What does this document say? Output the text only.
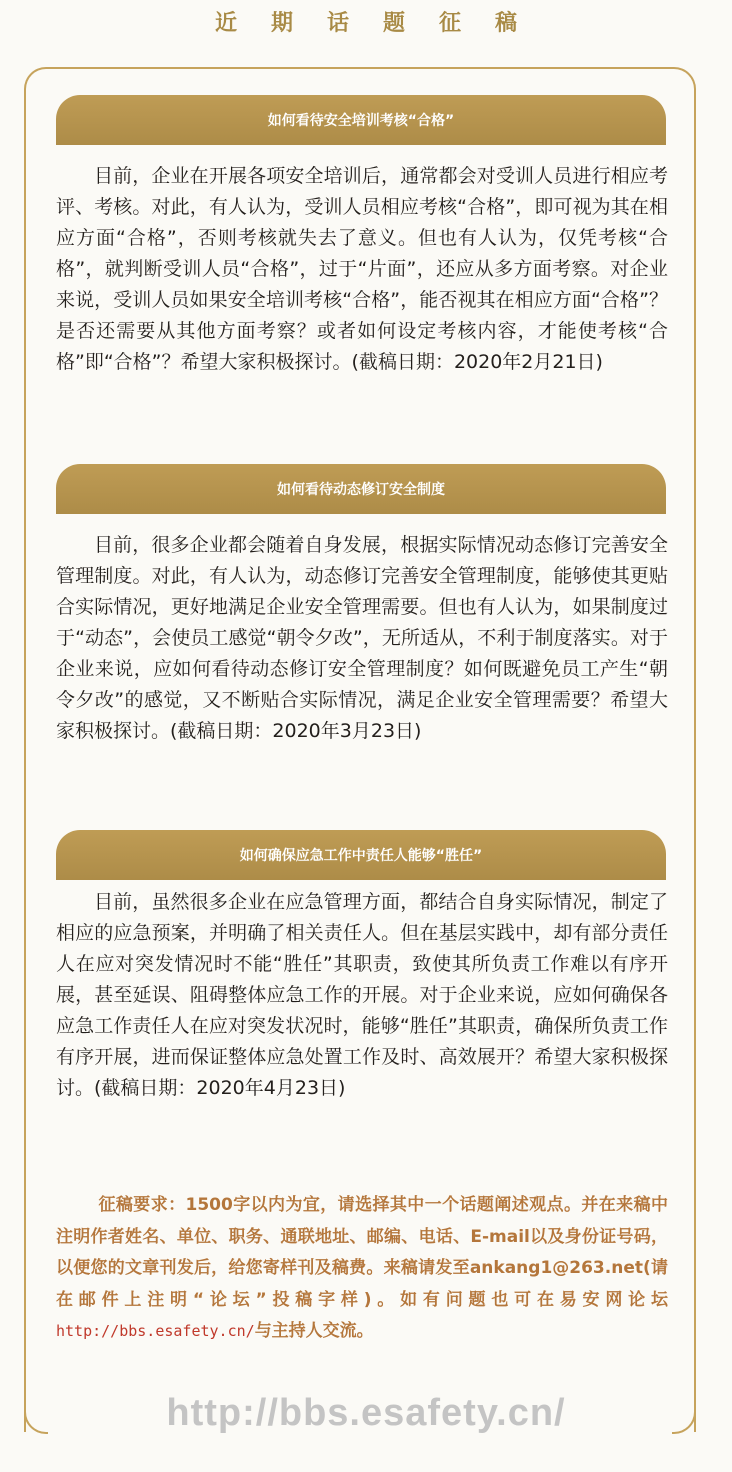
近期话题征稿
如何看待安全培训考核“合格”

目前，企业在开展各项安全培训后，通常都会对受训人员进行相应考评、考核。对此，有人认为，受训人员相应考核“合格”，即可视为其在相应方面“合格”，否则考核就失去了意义。但也有人认为，仅凭考核“合格”，就判断受训人员“合格”，过于“片面”，还应从多方面考察。对企业来说，受训人员如果安全培训考核“合格”，能否视其在相应方面“合格”？是否还需要从其他方面考察？或者如何设定考核内容，才能使考核“合格”即“合格”？希望大家积极探讨。(截稿日期：2020年2月21日)

如何看待动态修订安全制度

目前，很多企业都会随着自身发展，根据实际情况动态修订完善安全管理制度。对此，有人认为，动态修订完善安全管理制度，能够使其更贴合实际情况，更好地满足企业安全管理需要。但也有人认为，如果制度过于“动态”，会使员工感觉“朝令夕改”，无所适从，不利于制度落实。对于企业来说，应如何看待动态修订安全管理制度？如何既避免员工产生“朝令夕改”的感觉，又不断贴合实际情况，满足企业安全管理需要？希望大家积极探讨。(截稿日期：2020年3月23日)

如何确保应急工作中责任人能够“胜任”

目前，虽然很多企业在应急管理方面，都结合自身实际情况，制定了相应的应急预案，并明确了相关责任人。但在基层实践中，却有部分责任人在应对突发情况时不能“胜任”其职责，致使其所负责工作难以有序开展，甚至延误、阻碍整体应急工作的开展。对于企业来说，应如何确保各应急工作责任人在应对突发状况时，能够“胜任”其职责，确保所负责工作有序开展，进而保证整体应急处置工作及时、高效展开？希望大家积极探讨。(截稿日期：2020年4月23日)

征稿要求：1500字以内为宜，请选择其中一个话题阐述观点。并在来稿中注明作者姓名、单位、职务、通联地址、邮编、电话、E-mail以及身份证号码，以便您的文章刊发后，给您寄样刊及稿费。来稿请发至ankang1@263.net(请在邮件上注明“论坛”投稿字样)。如有问题也可在易安网论坛http://bbs.esafety.cn/与主持人交流。

http://bbs.esafety.cn/
